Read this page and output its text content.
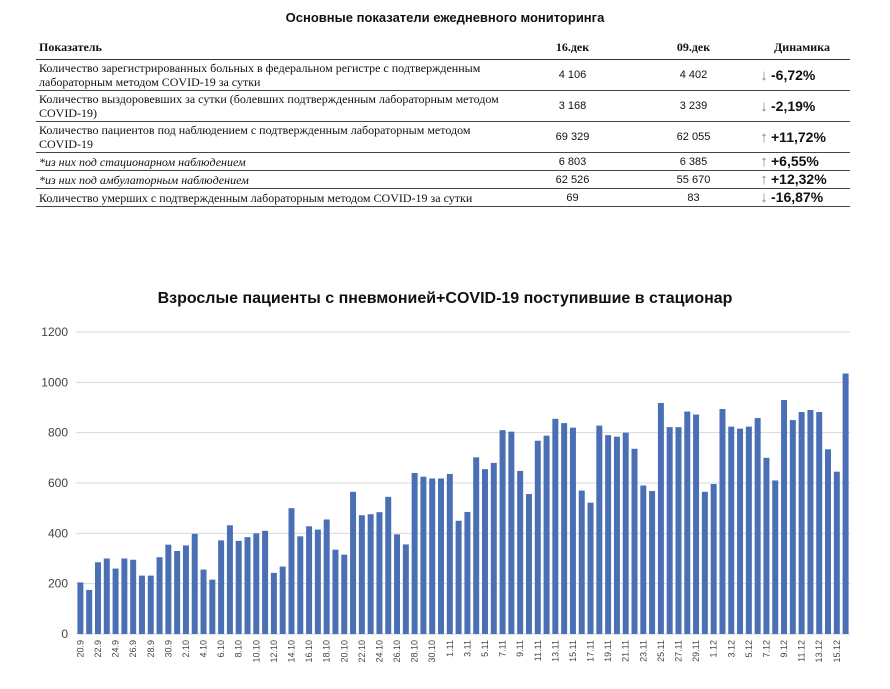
Основные показатели ежедневного мониторинга
Показатель	16.дек	09.дек	Динамика
Количество зарегистрированных больных в федеральном регистре с подтвержденным лабораторным методом COVID-19 за сутки	4 106	4 402	↓ -6,72%
Количество выздоровевших за сутки (болевших подтвержденным лабораторным методом COVID-19)	3 168	3 239	↓ -2,19%
Количество пациентов под наблюдением с подтвержденным лабораторным методом COVID-19	69 329	62 055	↑ +11,72%
*из них под стационарном наблюдением	6 803	6 385	↑ +6,55%
*из них под амбулаторным наблюдением	62 526	55 670	↑ +12,32%
Количество умерших с подтвержденным лабораторным методом COVID-19 за сутки	69	83	↓ -16,87%
Взрослые пациенты с пневмонией+COVID-19 поступившие в стационар
0
200
400
600
800
1000
1200
20.9 22.9 24.9 26.9 28.9 30.9 2.10 4.10 6.10 8.10 10.10 12.10 14.10 16.10 18.10 20.10 22.10 24.10 26.10 28.10 30.10 1.11 3.11 5.11 7.11 9.11 11.11 13.11 15.11 17.11 19.11 21.11 23.11 25.11 27.11 29.11 1.12 3.12 5.12 7.12 9.12 11.12 13.12 15.12
